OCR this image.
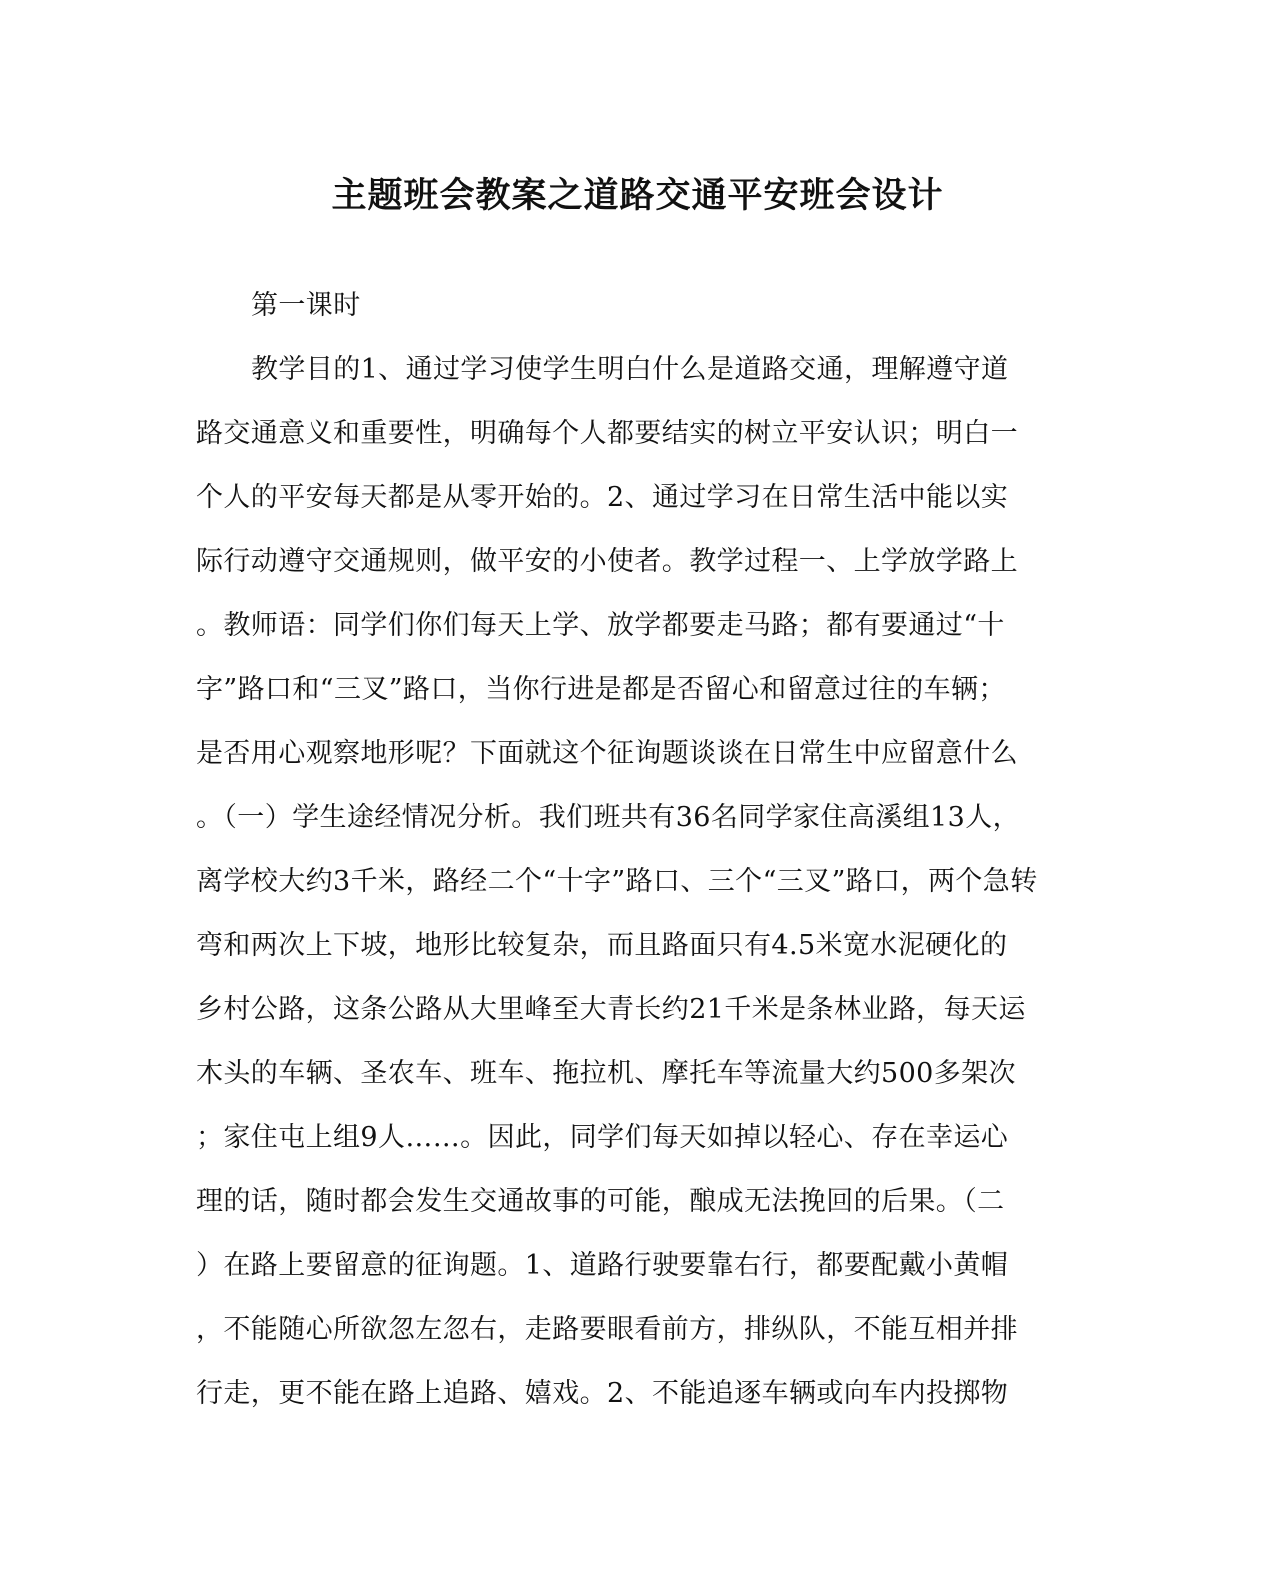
主题班会教案之道路交通平安班会设计
第一课时
教学目的1、通过学习使学生明白什么是道路交通，理解遵守道
路交通意义和重要性，明确每个人都要结实的树立平安认识；明白一
个人的平安每天都是从零开始的。2、通过学习在日常生活中能以实
际行动遵守交通规则，做平安的小使者。教学过程一、上学放学路上
。教师语：同学们你们每天上学、放学都要走马路；都有要通过“十
字”路口和“三叉”路口，当你行进是都是否留心和留意过往的车辆；
是否用心观察地形呢？下面就这个征询题谈谈在日常生中应留意什么
。（一）学生途经情况分析。我们班共有36名同学家住高溪组13人，
离学校大约3千米，路经二个“十字”路口、三个“三叉”路口，两个急转
弯和两次上下坡，地形比较复杂，而且路面只有4.5米宽水泥硬化的
乡村公路，这条公路从大里峰至大青长约21千米是条林业路，每天运
木头的车辆、圣农车、班车、拖拉机、摩托车等流量大约500多架次
；家住屯上组9人……。因此，同学们每天如掉以轻心、存在幸运心
理的话，随时都会发生交通故事的可能，酿成无法挽回的后果。（二
）在路上要留意的征询题。1、道路行驶要靠右行，都要配戴小黄帽
，不能随心所欲忽左忽右，走路要眼看前方，排纵队，不能互相并排
行走，更不能在路上追路、嬉戏。2、不能追逐车辆或向车内投掷物
